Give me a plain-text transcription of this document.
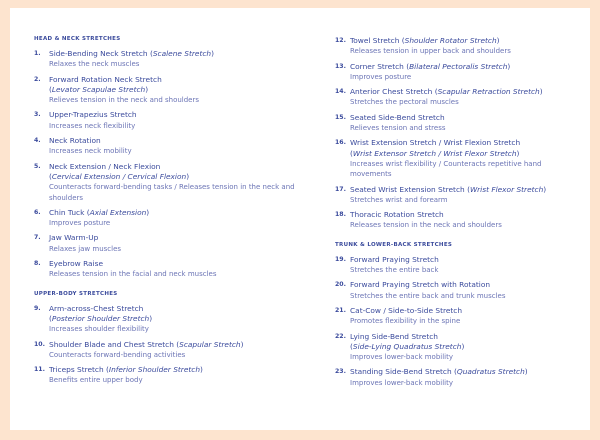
HEAD & NECK STRETCHES
1. Side-Bending Neck Stretch (Scalene Stretch)
Relaxes the neck muscles
2. Forward Rotation Neck Stretch
(Levator Scapulae Stretch)
Relieves tension in the neck and shoulders
3. Upper-Trapezius Stretch
Increases neck flexibility
4. Neck Rotation
Increases neck mobility
5. Neck Extension / Neck Flexion
(Cervical Extension / Cervical Flexion)
Counteracts forward-bending tasks / Releases tension in the neck and shoulders
6. Chin Tuck (Axial Extension)
Improves posture
7. Jaw Warm-Up
Relaxes jaw muscles
8. Eyebrow Raise
Releases tension in the facial and neck muscles
UPPER-BODY STRETCHES
9. Arm-across-Chest Stretch
(Posterior Shoulder Stretch)
Increases shoulder flexibility
10. Shoulder Blade and Chest Stretch (Scapular Stretch)
Counteracts forward-bending activities
11. Triceps Stretch (Inferior Shoulder Stretch)
Benefits entire upper body
12. Towel Stretch (Shoulder Rotator Stretch)
Releases tension in upper back and shoulders
13. Corner Stretch (Bilateral Pectoralis Stretch)
Improves posture
14. Anterior Chest Stretch (Scapular Retraction Stretch)
Stretches the pectoral muscles
15. Seated Side-Bend Stretch
Relieves tension and stress
16. Wrist Extension Stretch / Wrist Flexion Stretch
(Wrist Extensor Stretch / Wrist Flexor Stretch)
Increases wrist flexibility / Counteracts repetitive hand movements
17. Seated Wrist Extension Stretch (Wrist Flexor Stretch)
Stretches wrist and forearm
18. Thoracic Rotation Stretch
Releases tension in the neck and shoulders
TRUNK & LOWER-BACK STRETCHES
19. Forward Praying Stretch
Stretches the entire back
20. Forward Praying Stretch with Rotation
Stretches the entire back and trunk muscles
21. Cat-Cow / Side-to-Side Stretch
Promotes flexibility in the spine
22. Lying Side-Bend Stretch
(Side-Lying Quadratus Stretch)
Improves lower-back mobility
23. Standing Side-Bend Stretch (Quadratus Stretch)
Improves lower-back mobility
